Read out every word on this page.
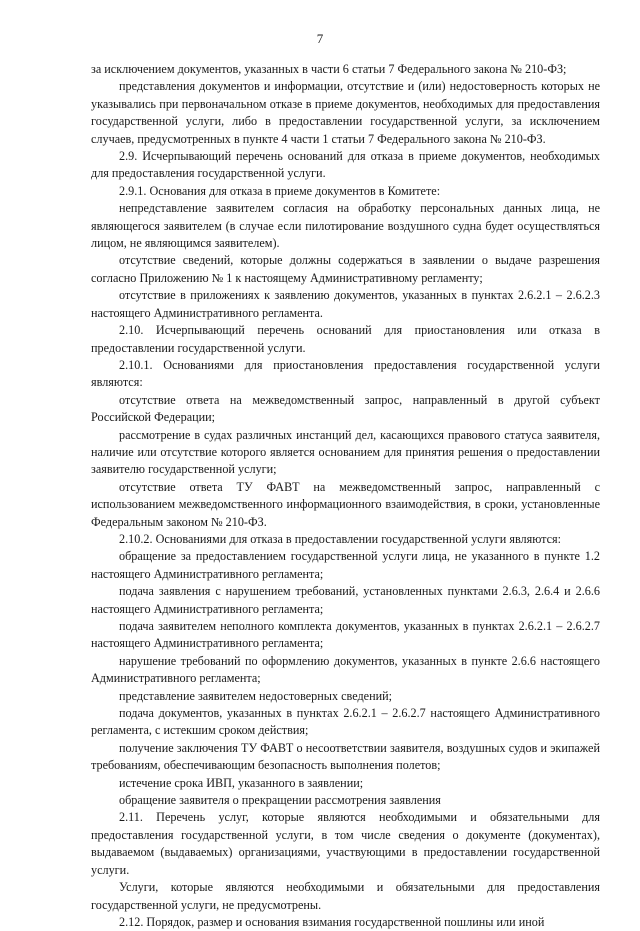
7

за исключением документов, указанных в части 6 статьи 7 Федерального закона № 210-ФЗ;

представления документов и информации, отсутствие и (или) недостоверность которых не указывались при первоначальном отказе в приеме документов, необходимых для предоставления государственной услуги, либо в предоставлении государственной услуги, за исключением случаев, предусмотренных в пункте 4 части 1 статьи 7 Федерального закона № 210-ФЗ.

2.9. Исчерпывающий перечень оснований для отказа в приеме документов, необходимых для предоставления государственной услуги.

2.9.1. Основания для отказа в приеме документов в Комитете:

непредставление заявителем согласия на обработку персональных данных лица, не являющегося заявителем (в случае если пилотирование воздушного судна будет осуществляться лицом, не являющимся заявителем).

отсутствие сведений, которые должны содержаться в заявлении о выдаче разрешения согласно Приложению № 1 к настоящему Административному регламенту;

отсутствие в приложениях к заявлению документов, указанных в пунктах 2.6.2.1 – 2.6.2.3 настоящего Административного регламента.

2.10. Исчерпывающий перечень оснований для приостановления или отказа в предоставлении государственной услуги.

2.10.1. Основаниями для приостановления предоставления государственной услуги являются:

отсутствие ответа на межведомственный запрос, направленный в другой субъект Российской Федерации;

рассмотрение в судах различных инстанций дел, касающихся правового статуса заявителя, наличие или отсутствие которого является основанием для принятия решения о предоставлении заявителю государственной услуги;

отсутствие ответа ТУ ФАВТ на межведомственный запрос, направленный с использованием межведомственного информационного взаимодействия, в сроки, установленные Федеральным законом № 210-ФЗ.

2.10.2. Основаниями для отказа в предоставлении государственной услуги являются:

обращение за предоставлением государственной услуги лица, не указанного в пункте 1.2 настоящего Административного регламента;

подача заявления с нарушением требований, установленных пунктами 2.6.3, 2.6.4 и 2.6.6 настоящего Административного регламента;

подача заявителем неполного комплекта документов, указанных в пунктах 2.6.2.1 – 2.6.2.7 настоящего Административного регламента;

нарушение требований по оформлению документов, указанных в пункте 2.6.6 настоящего Административного регламента;

представление заявителем недостоверных сведений;

подача документов, указанных в пунктах 2.6.2.1 – 2.6.2.7 настоящего Административного регламента, с истекшим сроком действия;

получение заключения ТУ ФАВТ о несоответствии заявителя, воздушных судов и экипажей требованиям, обеспечивающим безопасность выполнения полетов;

истечение срока ИВП, указанного в заявлении;

обращение заявителя о прекращении рассмотрения заявления

2.11. Перечень услуг, которые являются необходимыми и обязательными для предоставления государственной услуги, в том числе сведения о документе (документах), выдаваемом (выдаваемых) организациями, участвующими в предоставлении государственной услуги.

Услуги, которые являются необходимыми и обязательными для предоставления государственной услуги, не предусмотрены.

2.12. Порядок, размер и основания взимания государственной пошлины или иной
